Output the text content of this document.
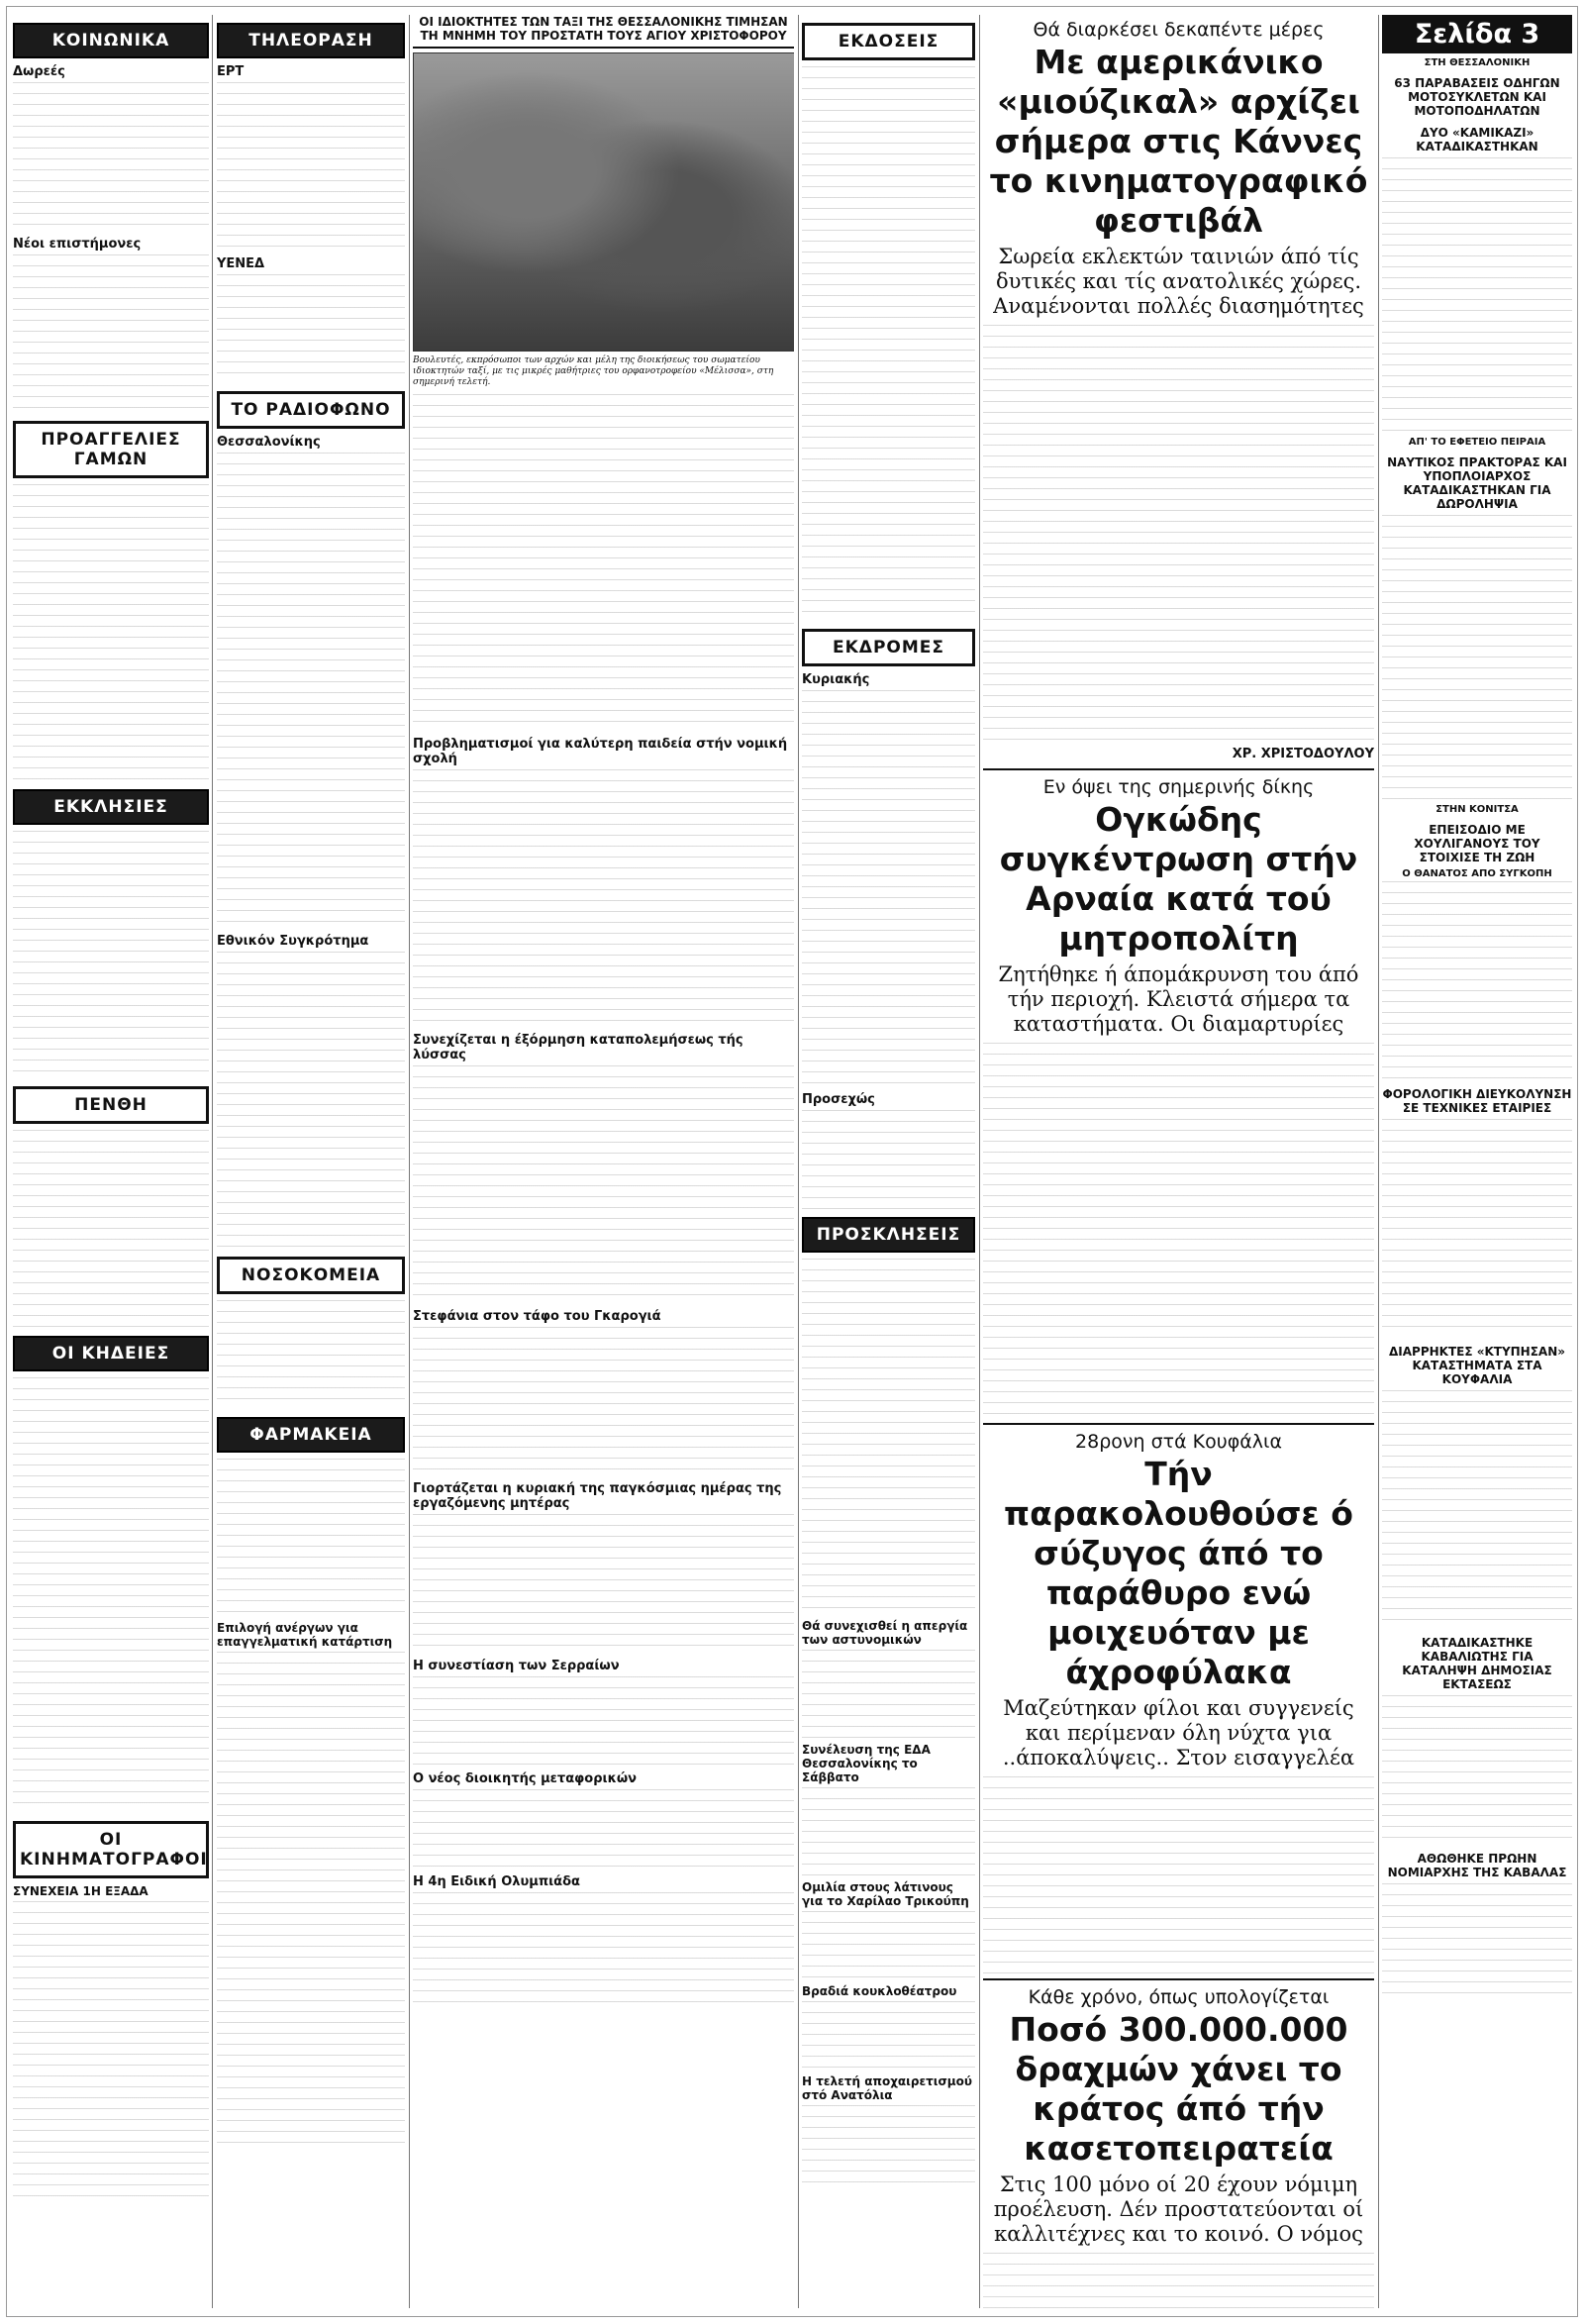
ΚΟΙΝΩΝΙΚΑ
Δωρεές
Νέοι επιστήμονες
ΠΡΟΑΓΓΕΛΙΕΣ ΓΑΜΩΝ
ΕΚΚΛΗΣΙΕΣ
ΠΕΝΘΗ
ΟΙ ΚΗΔΕΙΕΣ
ΟΙ ΚΙΝΗΜΑΤΟΓΡΑΦΟΙ
ΣΥΝΕΧΕΙΑ 1Η ΕΞΑΔΑ
ΤΗΛΕΟΡΑΣΗ
ΕΡΤ
ΥΕΝΕΔ
ΤΟ ΡΑΔΙΟΦΩΝΟ
Θεσσαλονίκης
Εθνικόν Συγκρότημα
ΝΟΣΟΚΟΜΕΙΑ
ΦΑΡΜΑΚΕΙΑ
Επιλογή ανέργων για επαγγελματική κατάρτιση
ΟΙ ΙΔΙΟΚΤΗΤΕΣ ΤΩΝ ΤΑΞΙ ΤΗΣ ΘΕΣΣΑΛΟΝΙΚΗΣ ΤΙΜΗΣΑΝ ΤΗ ΜΝΗΜΗ ΤΟΥ ΠΡΟΣΤΑΤΗ ΤΟΥΣ ΑΓΙΟΥ ΧΡΙΣΤΟΦΟΡΟΥ
Βουλευτές, εκπρόσωποι των αρχών και μέλη της διοικήσεως του σωματείου ιδιοκτητών ταξί, με τις μικρές μαθήτριες του ορφανοτροφείου «Μέλισσα», στη σημερινή τελετή.
Προβληματισμοί για καλύτερη παιδεία στήν νομική σχολή
Συνεχίζεται η έξόρμηση καταπολεμήσεως τής λύσσας
Στεφάνια στον τάφο του Γκαρογιά
Γιορτάζεται η κυριακή της παγκόσμιας ημέρας της εργαζόμενης μητέρας
Η συνεστίαση των Σερραίων
Ο νέος διοικητής μεταφορικών
Η 4η Ειδική Ολυμπιάδα
ΕΚΔΟΣΕΙΣ
ΕΚΔΡΟΜΕΣ
Κυριακής
Προσεχώς
ΠΡΟΣΚΛΗΣΕΙΣ
Θά συνεχισθεί η απεργία των αστυνομικών
Συνέλευση της ΕΔΑ Θεσσαλονίκης το Σάββατο
Ομιλία στους λάτινους για το Χαρίλαο Τρικούπη
Βραδιά κουκλοθέατρου
Η τελετή αποχαιρετισμού στό Ανατόλια
Θά διαρκέσει δεκαπέντε μέρες
Με αμερικάνικο «μιούζικαλ» αρχίζει σήμερα στις Κάννες το κινηματογραφικό φεστιβάλ
Σωρεία εκλεκτών ταινιών άπό τίς δυτικές και τίς ανατολικές χώρες. Αναμένονται πολλές διασημότητες
ΧΡ. ΧΡΙΣΤΟΔΟΥΛΟΥ
Εν όψει της σημερινής δίκης
Ογκώδης συγκέντρωση στήν Αρναία κατά τού μητροπολίτη
Ζητήθηκε ή άπομάκρυνση του άπό τήν περιοχή. Κλειστά σήμερα τα καταστήματα. Οι διαμαρτυρίες
28ρονη στά Κουφάλια
Τήν παρακολουθούσε ό σύζυγος άπό το παράθυρο ενώ μοιχευόταν με άχροφύλακα
Μαζεύτηκαν φίλοι και συγγενείς και περίμεναν όλη νύχτα για ..άποκαλύψεις.. Στον εισαγγελέα
Κάθε χρόνο, όπως υπολογίζεται
Ποσό 300.000.000 δραχμών χάνει το κράτος άπό τήν κασετοπειρατεία
Στις 100 μόνο οί 20 έχουν νόμιμη προέλευση. Δέν προστατεύονται οί καλλιτέχνες και το κοινό. Ο νόμος
Σελίδα 3
ΣΤΗ ΘΕΣΣΑΛΟΝΙΚΗ
63 ΠΑΡΑΒΑΣΕΙΣ ΟΔΗΓΩΝ ΜΟΤΟΣΥΚΛΕΤΩΝ ΚΑΙ ΜΟΤΟΠΟΔΗΛΑΤΩΝ
ΔΥΟ «ΚΑΜΙΚΑΖΙ» ΚΑΤΑΔΙΚΑΣΤΗΚΑΝ
ΑΠ' ΤΟ ΕΦΕΤΕΙΟ ΠΕΙΡΑΙΑ
ΝΑΥΤΙΚΟΣ ΠΡΑΚΤΟΡΑΣ ΚΑΙ ΥΠΟΠΛΟΙΑΡΧΟΣ ΚΑΤΑΔΙΚΑΣΤΗΚΑΝ ΓΙΑ ΔΩΡΟΛΗΨΙΑ
ΣΤΗΝ ΚΟΝΙΤΣΑ
ΕΠΕΙΣΟΔΙΟ ΜΕ ΧΟΥΛΙΓΑΝΟΥΣ ΤΟΥ ΣΤΟΙΧΙΣΕ ΤΗ ΖΩΗ
Ο ΘΑΝΑΤΟΣ ΑΠΟ ΣΥΓΚΟΠΗ
ΦΟΡΟΛΟΓΙΚΗ ΔΙΕΥΚΟΛΥΝΣΗ ΣΕ ΤΕΧΝΙΚΕΣ ΕΤΑΙΡΙΕΣ
ΔΙΑΡΡΗΚΤΕΣ «ΚΤΥΠΗΣΑΝ» ΚΑΤΑΣΤΗΜΑΤΑ ΣΤΑ ΚΟΥΦΑΛΙΑ
ΚΑΤΑΔΙΚΑΣΤΗΚΕ ΚΑΒΑΛΙΩΤΗΣ ΓΙΑ ΚΑΤΑΛΗΨΗ ΔΗΜΟΣΙΑΣ ΕΚΤΑΣΕΩΣ
ΑΘΩΘΗΚΕ ΠΡΩΗΝ ΝΟΜΙΑΡΧΗΣ ΤΗΣ ΚΑΒΑΛΑΣ
